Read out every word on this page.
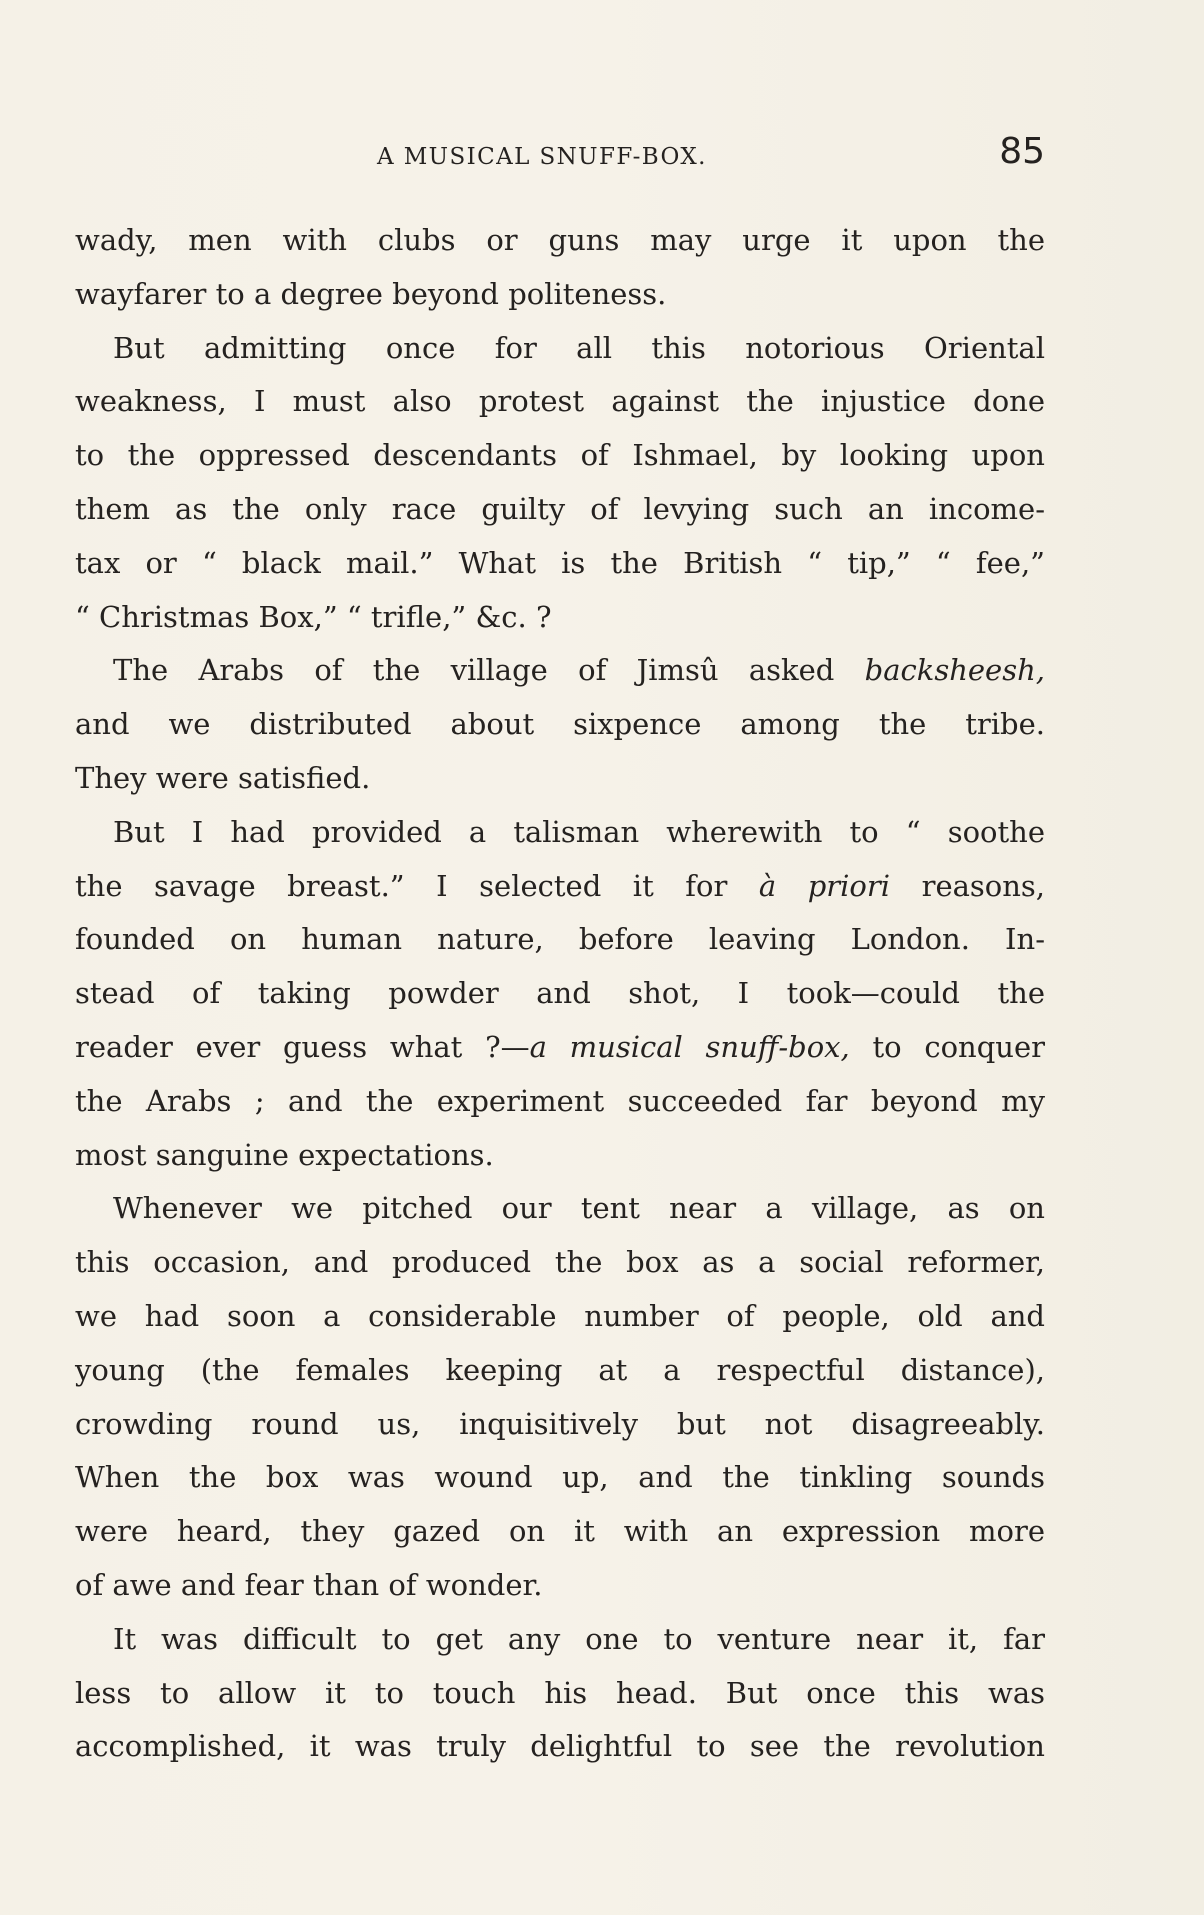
A MUSICAL SNUFF-BOX.	85
wady, men with clubs or guns may urge it upon the
wayfarer to a degree beyond politeness.
But admitting once for all this notorious Oriental
weakness, I must also protest against the injustice done
to the oppressed descendants of Ishmael, by looking upon
them as the only race guilty of levying such an income-
tax or “ black mail.” What is the British “ tip,” “ fee,”
“ Christmas Box,” “ trifle,” &c. ?
The Arabs of the village of Jimsû asked backsheesh,
and we distributed about sixpence among the tribe.
They were satisfied.
But I had provided a talisman wherewith to “ soothe
the savage breast.” I selected it for à priori reasons,
founded on human nature, before leaving London. In-
stead of taking powder and shot, I took—could the
reader ever guess what ?—a musical snuff-box, to conquer
the Arabs ; and the experiment succeeded far beyond my
most sanguine expectations.
Whenever we pitched our tent near a village, as on
this occasion, and produced the box as a social reformer,
we had soon a considerable number of people, old and
young (the females keeping at a respectful distance),
crowding round us, inquisitively but not disagreeably.
When the box was wound up, and the tinkling sounds
were heard, they gazed on it with an expression more
of awe and fear than of wonder.
It was difficult to get any one to venture near it, far
less to allow it to touch his head. But once this was
accomplished, it was truly delightful to see the revolution
